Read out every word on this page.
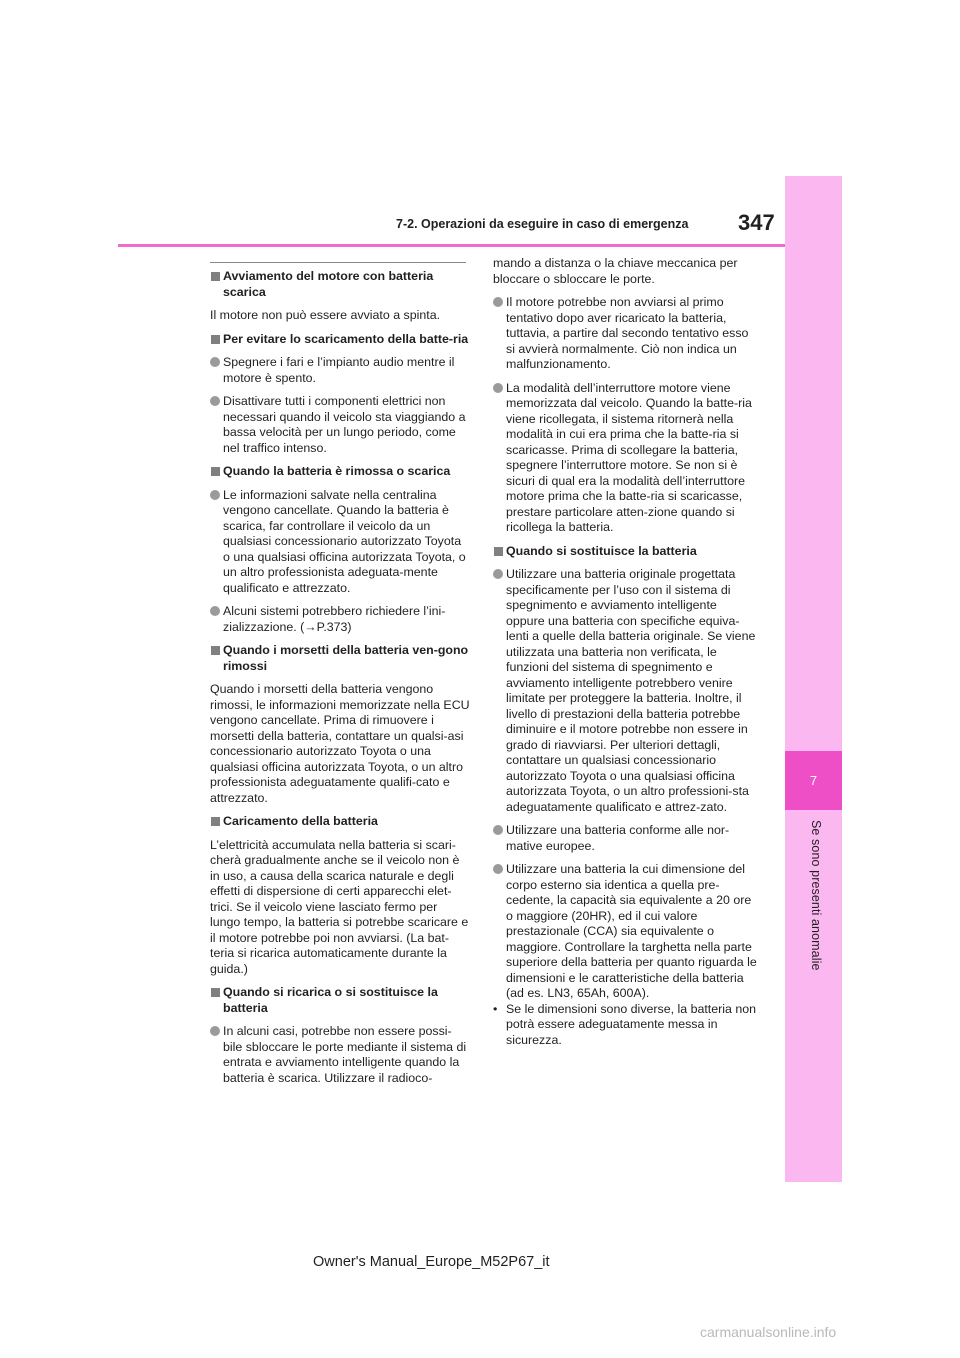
7
Se sono presenti anomalie
7-2. Operazioni da eseguire in caso di emergenza 347
Avviamento del motore con batteria scarica
Il motore non può essere avviato a spinta.
Per evitare lo scaricamento della batte-ria
Spegnere i fari e l’impianto audio mentre il motore è spento.
Disattivare tutti i componenti elettrici non necessari quando il veicolo sta viaggiando a bassa velocità per un lungo periodo, come nel traffico intenso.
Quando la batteria è rimossa o scarica
Le informazioni salvate nella centralina vengono cancellate. Quando la batteria è scarica, far controllare il veicolo da un qualsiasi concessionario autorizzato Toyota o una qualsiasi officina autorizzata Toyota, o un altro professionista adeguata-mente qualificato e attrezzato.
Alcuni sistemi potrebbero richiedere l’ini-zializzazione. (→P.373)
Quando i morsetti della batteria ven-gono rimossi
Quando i morsetti della batteria vengono rimossi, le informazioni memorizzate nella ECU vengono cancellate. Prima di rimuovere i morsetti della batteria, contattare un qualsi-asi concessionario autorizzato Toyota o una qualsiasi officina autorizzata Toyota, o un altro professionista adeguatamente qualifi-cato e attrezzato.
Caricamento della batteria
L’elettricità accumulata nella batteria si scari-cherà gradualmente anche se il veicolo non è in uso, a causa della scarica naturale e degli effetti di dispersione di certi apparecchi elet-trici. Se il veicolo viene lasciato fermo per lungo tempo, la batteria si potrebbe scaricare e il motore potrebbe poi non avviarsi. (La bat-teria si ricarica automaticamente durante la guida.)
Quando si ricarica o si sostituisce la batteria
In alcuni casi, potrebbe non essere possi-bile sbloccare le porte mediante il sistema di entrata e avviamento intelligente quando la batteria è scarica. Utilizzare il radioco-
mando a distanza o la chiave meccanica per bloccare o sbloccare le porte.
Il motore potrebbe non avviarsi al primo tentativo dopo aver ricaricato la batteria, tuttavia, a partire dal secondo tentativo esso si avvierà normalmente. Ciò non indica un malfunzionamento.
La modalità dell’interruttore motore viene memorizzata dal veicolo. Quando la batte-ria viene ricollegata, il sistema ritornerà nella modalità in cui era prima che la batte-ria si scaricasse. Prima di scollegare la batteria, spegnere l’interruttore motore. Se non si è sicuri di qual era la modalità dell’interruttore motore prima che la batte-ria si scaricasse, prestare particolare atten-zione quando si ricollega la batteria.
Quando si sostituisce la batteria
Utilizzare una batteria originale progettata specificamente per l’uso con il sistema di spegnimento e avviamento intelligente oppure una batteria con specifiche equiva-lenti a quelle della batteria originale. Se viene utilizzata una batteria non verificata, le funzioni del sistema di spegnimento e avviamento intelligente potrebbero venire limitate per proteggere la batteria. Inoltre, il livello di prestazioni della batteria potrebbe diminuire e il motore potrebbe non essere in grado di riavviarsi. Per ulteriori dettagli, contattare un qualsiasi concessionario autorizzato Toyota o una qualsiasi officina autorizzata Toyota, o un altro professioni-sta adeguatamente qualificato e attrez-zato.
Utilizzare una batteria conforme alle nor-mative europee.
Utilizzare una batteria la cui dimensione del corpo esterno sia identica a quella pre-cedente, la capacità sia equivalente a 20 ore o maggiore (20HR), ed il cui valore prestazionale (CCA) sia equivalente o maggiore. Controllare la targhetta nella parte superiore della batteria per quanto riguarda le dimensioni e le caratteristiche della batteria (ad es. LN3, 65Ah, 600A).
• Se le dimensioni sono diverse, la batteria non potrà essere adeguatamente messa in sicurezza.
Owner's Manual_Europe_M52P67_it
carmanualsonline.info
